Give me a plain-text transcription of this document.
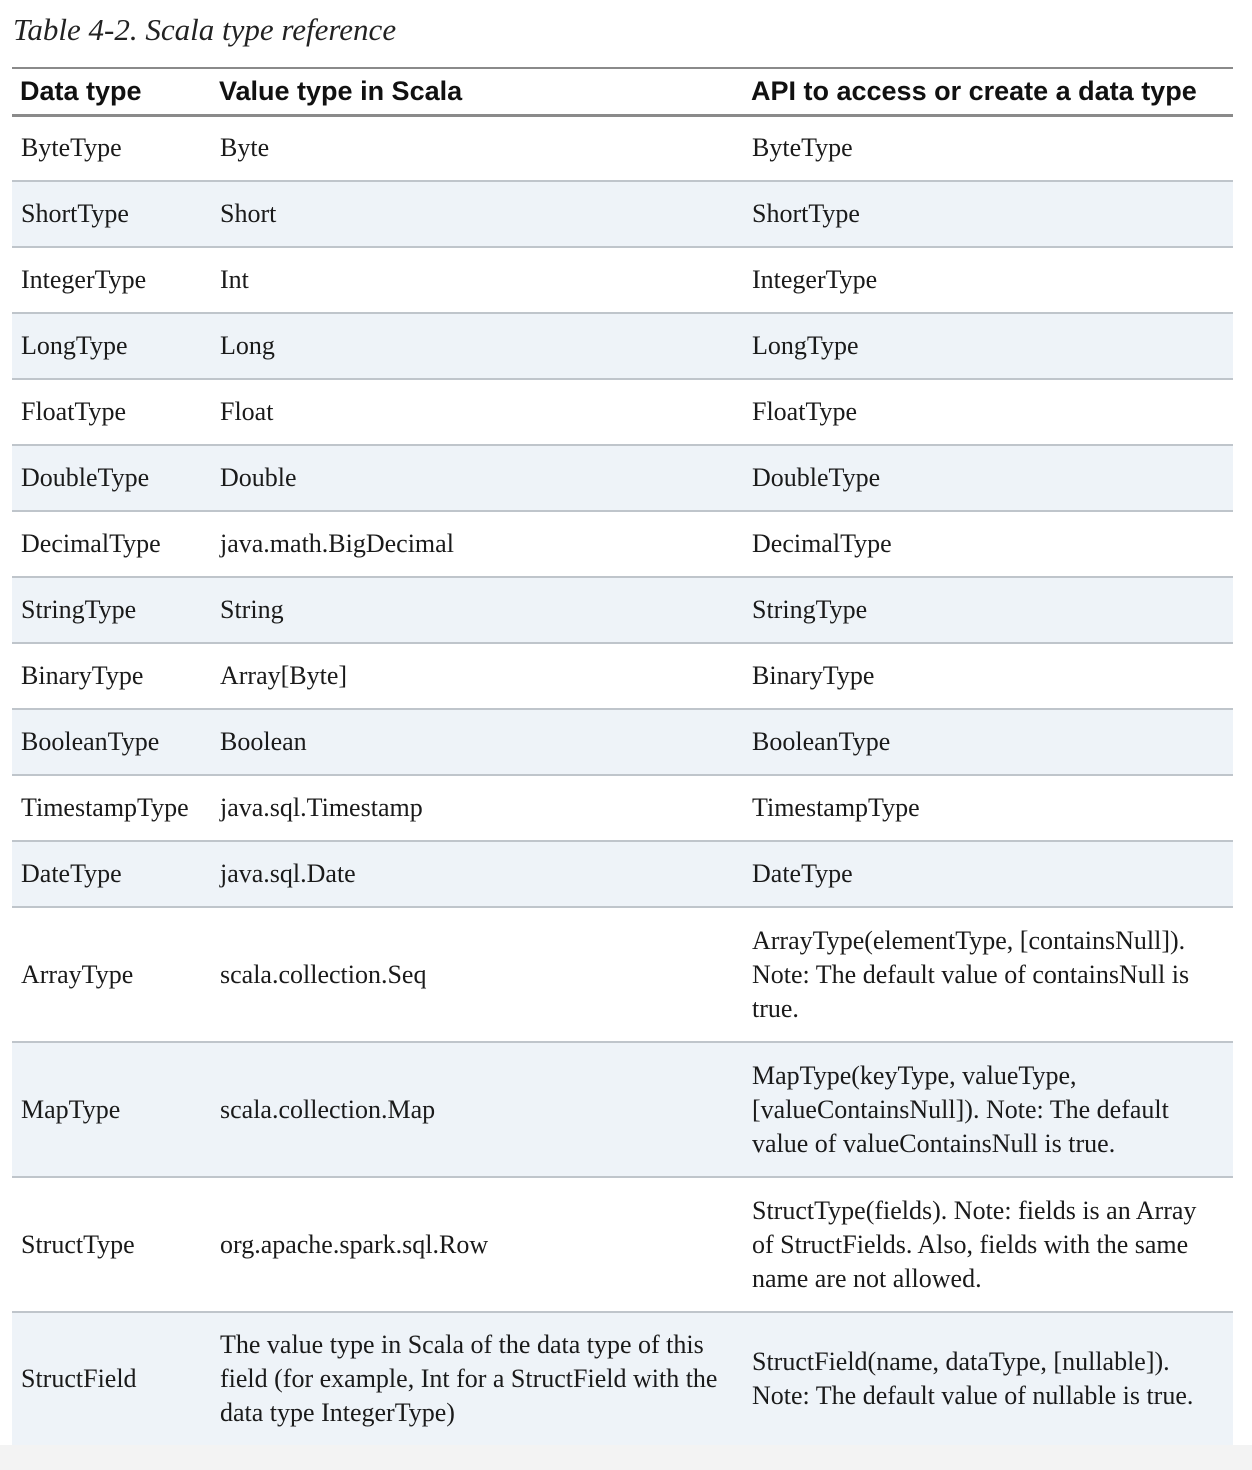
Table 4-2. Scala type reference
Data type	Value type in Scala	API to access or create a data type
ByteType	Byte	ByteType
ShortType	Short	ShortType
IntegerType	Int	IntegerType
LongType	Long	LongType
FloatType	Float	FloatType
DoubleType	Double	DoubleType
DecimalType	java.math.BigDecimal	DecimalType
StringType	String	StringType
BinaryType	Array[Byte]	BinaryType
BooleanType	Boolean	BooleanType
TimestampType	java.sql.Timestamp	TimestampType
DateType	java.sql.Date	DateType
ArrayType	scala.collection.Seq	ArrayType(elementType, [containsNull]). Note: The default value of containsNull is true.
MapType	scala.collection.Map	MapType(keyType, valueType, [valueContainsNull]). Note: The default value of valueContainsNull is true.
StructType	org.apache.spark.sql.Row	StructType(fields). Note: fields is an Array of StructFields. Also, fields with the same name are not allowed.
StructField	The value type in Scala of the data type of this field (for example, Int for a StructField with the data type IntegerType)	StructField(name, dataType, [nullable]). Note: The default value of nullable is true.
